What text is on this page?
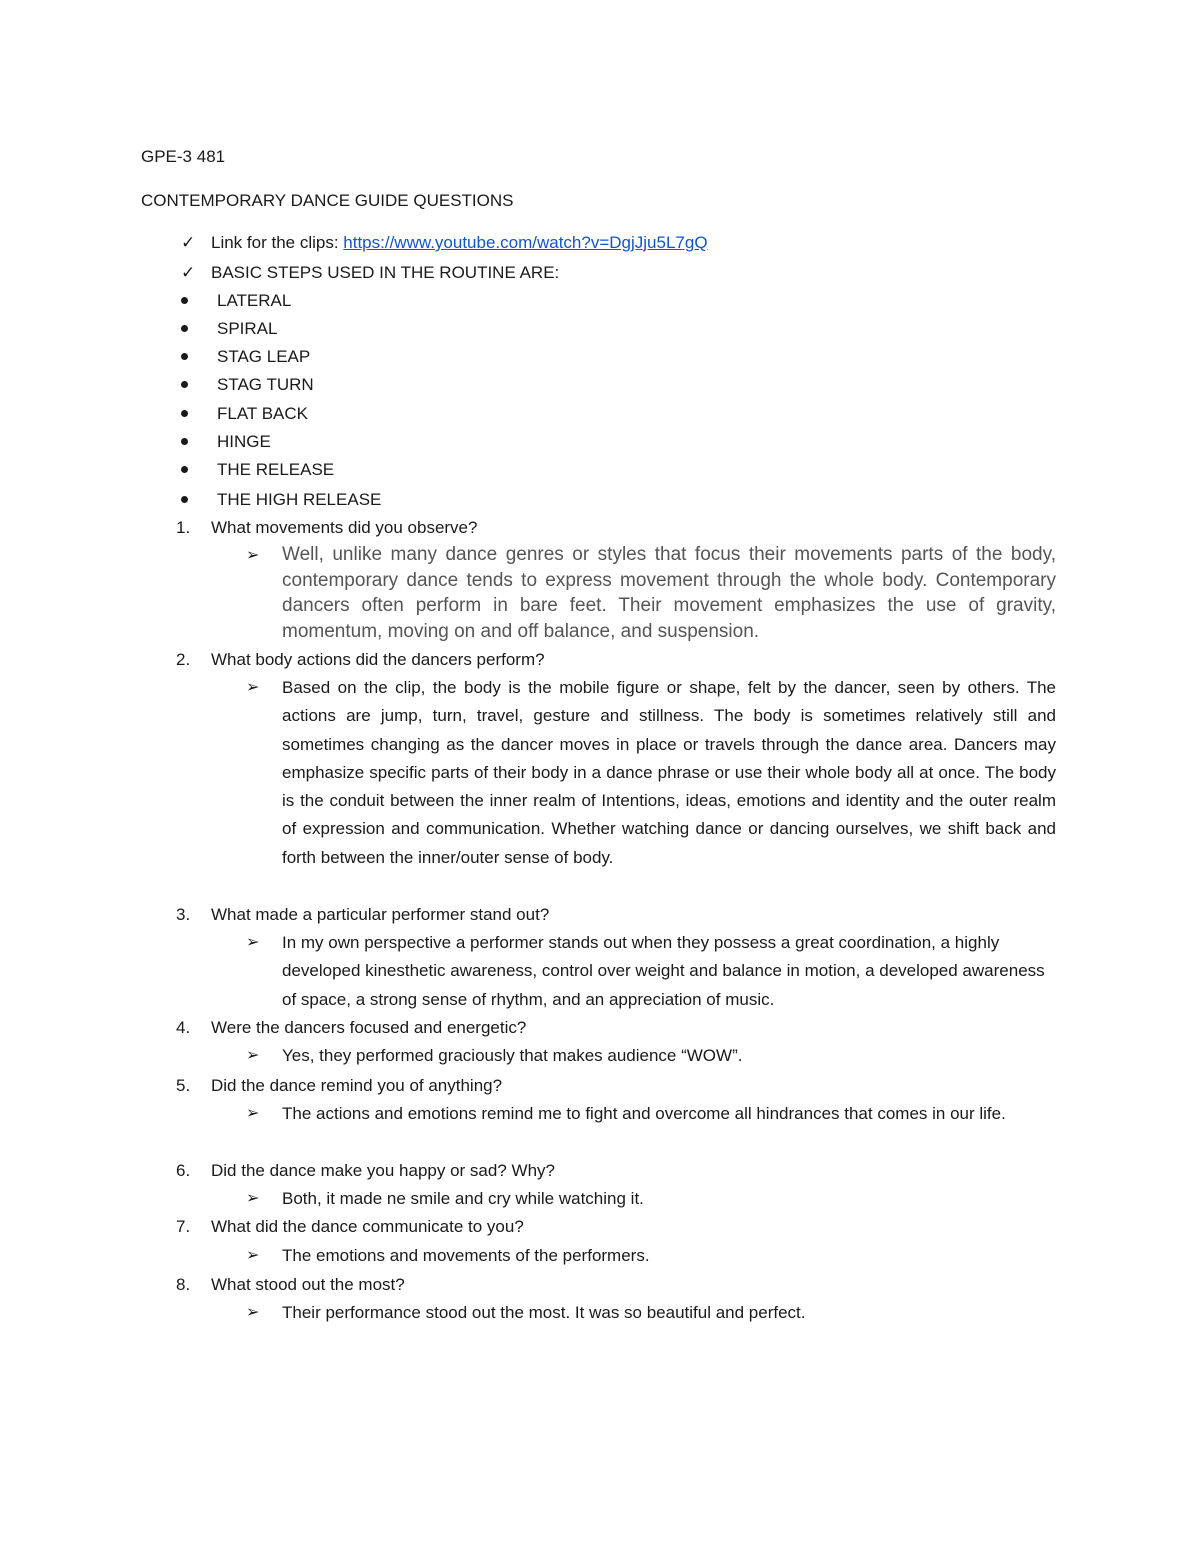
GPE-3 481
CONTEMPORARY DANCE GUIDE QUESTIONS
✓ Link for the clips: https://www.youtube.com/watch?v=DgjJju5L7gQ
✓ BASIC STEPS USED IN THE ROUTINE ARE:
LATERAL
SPIRAL
STAG LEAP
STAG TURN
FLAT BACK
HINGE
THE RELEASE
THE HIGH RELEASE
1. What movements did you observe?
➢ Well, unlike many dance genres or styles that focus their movements parts of the body, contemporary dance tends to express movement through the whole body. Contemporary dancers often perform in bare feet. Their movement emphasizes the use of gravity, momentum, moving on and off balance, and suspension.
2. What body actions did the dancers perform?
➢ Based on the clip, the body is the mobile figure or shape, felt by the dancer, seen by others. The actions are jump, turn, travel, gesture and stillness. The body is sometimes relatively still and sometimes changing as the dancer moves in place or travels through the dance area. Dancers may emphasize specific parts of their body in a dance phrase or use their whole body all at once. The body is the conduit between the inner realm of Intentions, ideas, emotions and identity and the outer realm of expression and communication. Whether watching dance or dancing ourselves, we shift back and forth between the inner/outer sense of body.
3. What made a particular performer stand out?
➢ In my own perspective a performer stands out when they possess a great coordination, a highly developed kinesthetic awareness, control over weight and balance in motion, a developed awareness of space, a strong sense of rhythm, and an appreciation of music.
4. Were the dancers focused and energetic?
➢ Yes, they performed graciously that makes audience “WOW”.
5. Did the dance remind you of anything?
➢ The actions and emotions remind me to fight and overcome all hindrances that comes in our life.
6. Did the dance make you happy or sad? Why?
➢ Both, it made ne smile and cry while watching it.
7. What did the dance communicate to you?
➢ The emotions and movements of the performers.
8. What stood out the most?
➢ Their performance stood out the most. It was so beautiful and perfect.
